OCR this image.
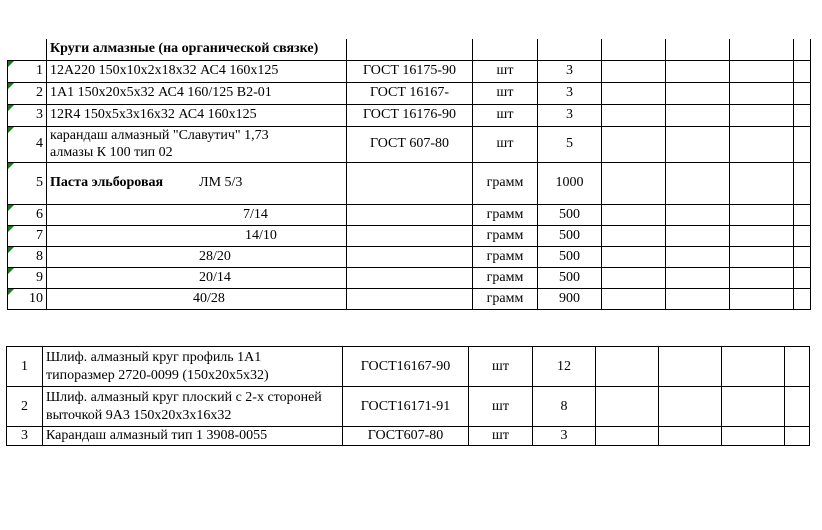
	Круги алмазные (на органической связке)							

1	12А220 150х10х2х18х32 АС4 160х125	ГОСТ 16175-90	шт	3				

2	1А1 150х20х5х32 АС4 160/125 В2-01	ГОСТ 16167-	шт	3				

3	12R4 150х5х3х16х32 АС4 160х125	ГОСТ 16176-90	шт	3				

4	карандаш алмазный "Славутич" 1,73
алмазы К 100 тип 02	ГОСТ 607-80	шт	5				

5	Паста эльборовая ЛМ 5/3		грамм	1000				

6	7/14		грамм	500				

7	14/10		грамм	500				

8	28/20		грамм	500				

9	20/14		грамм	500				

10	40/28		грамм	900				
1	Шлиф. алмазный круг профиль 1А1
типоразмер 2720-0099 (150х20х5х32)	ГОСТ16167-90	шт	12				
2	Шлиф. алмазный круг плоский с 2-х стороней
выточкой 9А3 150х20х3х16х32	ГОСТ16171-91	шт	8				
3	Карандаш алмазный тип 1 3908-0055	ГОСТ607-80	шт	3				
